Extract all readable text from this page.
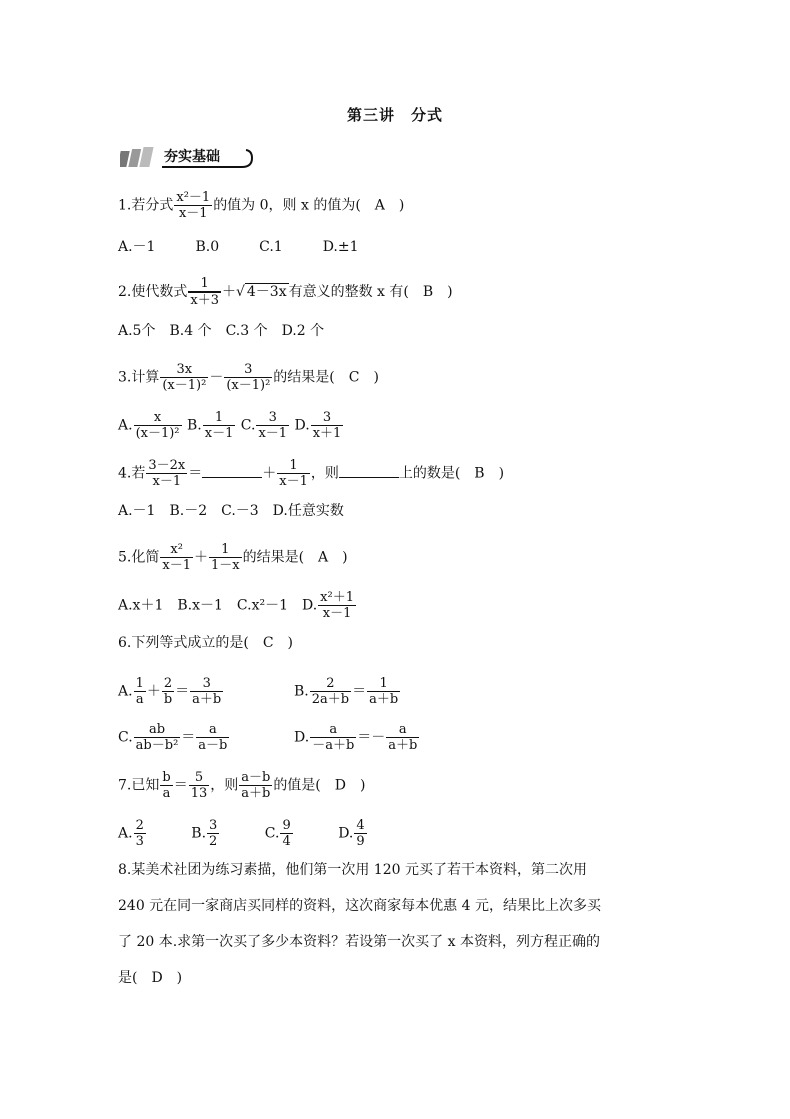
第三讲　分式
夯实基础
1.若分式 $\frac{\text{x²－1}}{x-1}$ 的值为 0，则 x 的值为(　A　)
A.－1	B.0	C.1	D.±1
2.使代数式 $\frac{1}{x+3}$ ＋√ 4－3x 有意义的整数 x 有(　B　)
A.5个　B.4 个　C.3 个　D.2 个
3.计算 $\frac{3x}{\text{(x－1)²}} - \frac{3}{\text{(x－1)²}}$ 的结果是(　C　)
A. $\frac{x}{\text{(x－1)²}} B$. $\frac{1}{x-1} C$. $\frac{3}{x-1} D$. $\frac{3}{x+1}$
4.若 $\frac{3-2x}{x-1}$ ＝	＋ $\frac{1}{x-1}$ ，则	上的数是(　B　)
A.－1　B.－2　C.－3　D.任意实数
5.化简 $\frac{\text{x²}}{x-1} + \frac{1}{1-x}$ 的结果是(　A　)
A.x＋1　B.x－1　C.x²－1　D. $\frac{\text{x²＋1}}{x-1}$
6.下列等式成立的是(　C　)
A. $\frac{1}{a} + \frac{2}{b} = \frac{3}{a+b}$	B. $\frac{2}{2a+b} = \frac{1}{a+b}$
C. $\frac{ab}{\text{ab－b²}} = \frac{a}{a-b}$	D. $\frac{a}{-a+b} =- \frac{a}{a+b}$
7.已知 $\frac{b}{a} = \frac{5}{13}$ ，则 $\frac{a-b}{a+b}$ 的值是(　D　)
A. $\frac{2}{3}$	B. $\frac{3}{2}$	C. $\frac{9}{4}$	D. $\frac{4}{9}$
8.某美术社团为练习素描，他们第一次用 120 元买了若干本资料，第二次用
240 元在同一家商店买同样的资料，这次商家每本优惠 4 元，结果比上次多买
了 20 本.求第一次买了多少本资料？若设第一次买了 x 本资料，列方程正确的
是(　D　)
